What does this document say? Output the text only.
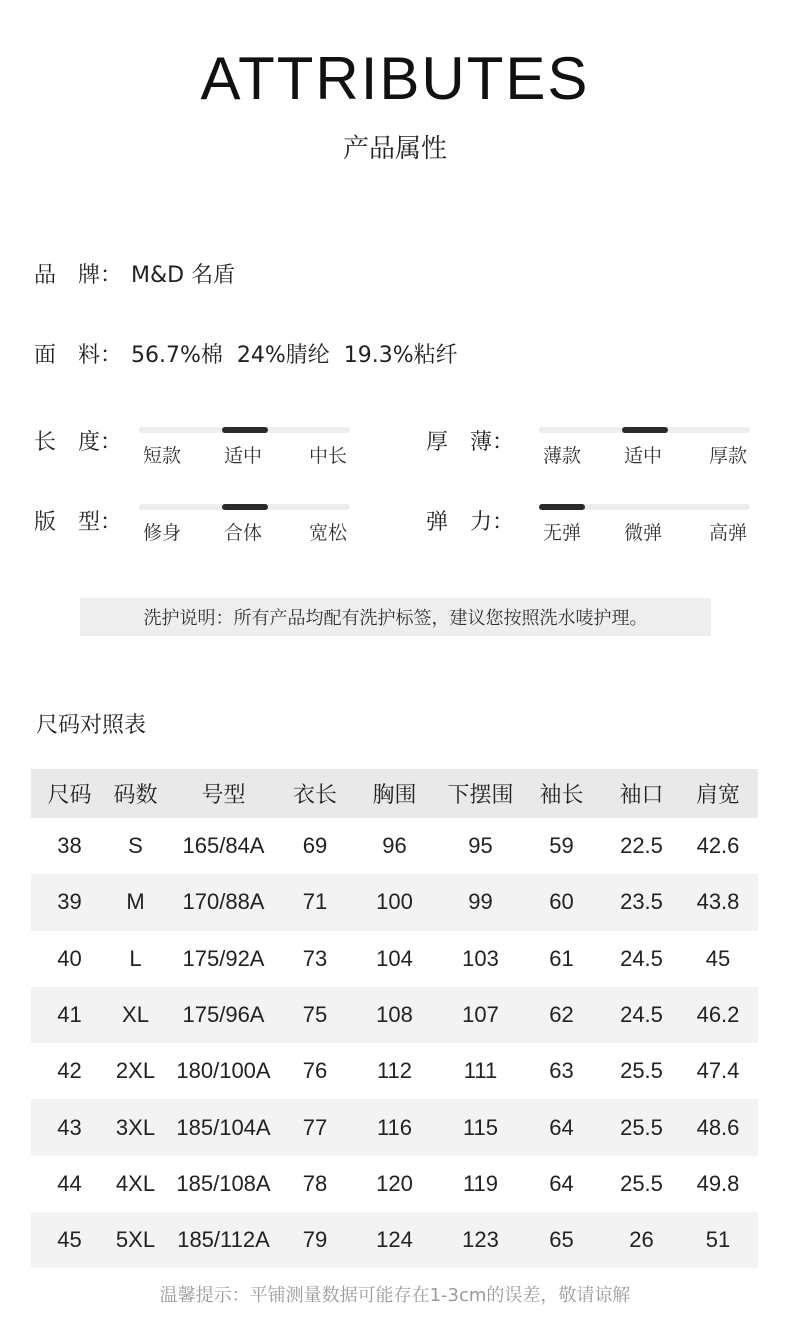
ATTRIBUTES
产品属性
品　牌： M&D 名盾
面　料： 56.7%棉  24%腈纶  19.3%粘纤
长　度：
短款 适中 中长
厚　薄：
薄款 适中 厚款
版　型： 修身 合体 宽松	弹　力： 无弹 微弹 高弹
洗护说明：所有产品均配有洗护标签，建议您按照洗水唛护理。
尺码对照表
尺码	码数	号型	衣长	胸围	下摆围	袖长	袖口	肩宽
38	S	165/84A	69	96	95	59	22.5	42.6
39	M	170/88A	71	100	99	60	23.5	43.8
40	L	175/92A	73	104	103	61	24.5	45
41	XL	175/96A	75	108	107	62	24.5	46.2
42	2XL	180/100A	76	112	111	63	25.5	47.4
43	3XL	185/104A	77	116	115	64	25.5	48.6
44	4XL	185/108A	78	120	119	64	25.5	49.8
45	5XL	185/112A	79	124	123	65	26	51
温馨提示：平铺测量数据可能存在1-3cm的误差，敬请谅解
